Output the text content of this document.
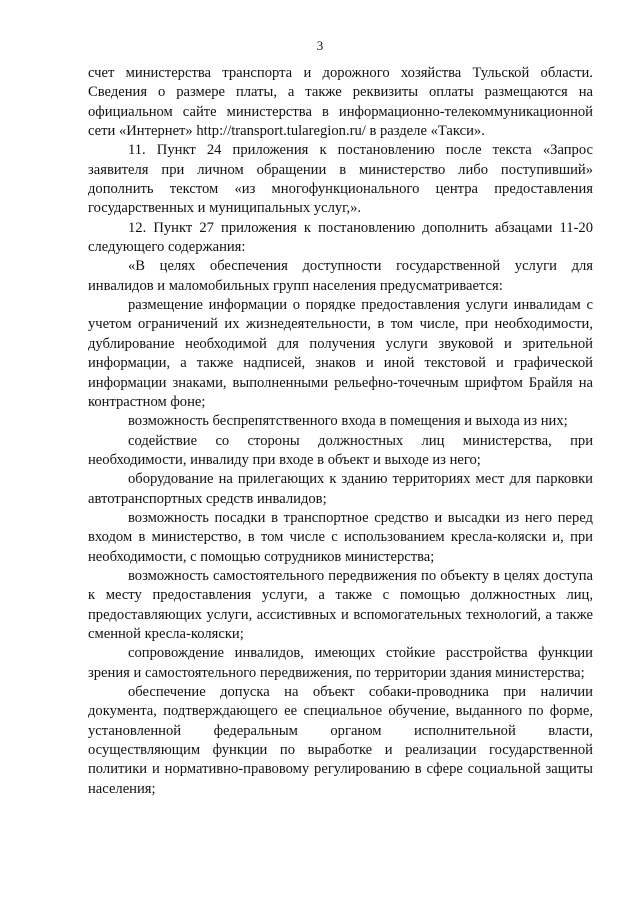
3

счет министерства транспорта и дорожного хозяйства Тульской области. Сведения о размере платы, а также реквизиты оплаты размещаются на официальном сайте министерства в информационно-телекоммуникационной сети «Интернет» http://transport.tularegion.ru/ в разделе «Такси».

11. Пункт 24 приложения к постановлению после текста «Запрос заявителя при личном обращении в министерство либо поступивший» дополнить текстом «из многофункционального центра предоставления государственных и муниципальных услуг,».

12. Пункт 27 приложения к постановлению дополнить абзацами 11-20 следующего содержания:

«В целях обеспечения доступности государственной услуги для инвалидов и маломобильных групп населения предусматривается:

размещение информации о порядке предоставления услуги инвалидам с учетом ограничений их жизнедеятельности, в том числе, при необходимости, дублирование необходимой для получения услуги звуковой и зрительной информации, а также надписей, знаков и иной текстовой и графической информации знаками, выполненными рельефно-точечным шрифтом Брайля на контрастном фоне;

возможность беспрепятственного входа в помещения и выхода из них;

содействие со стороны должностных лиц министерства, при необходимости, инвалиду при входе в объект и выходе из него;

оборудование на прилегающих к зданию территориях мест для парковки автотранспортных средств инвалидов;

возможность посадки в транспортное средство и высадки из него перед входом в министерство, в том числе с использованием кресла-коляски и, при необходимости, с помощью сотрудников министерства;

возможность самостоятельного передвижения по объекту в целях доступа к месту предоставления услуги, а также с помощью должностных лиц, предоставляющих услуги, ассистивных и вспомогательных технологий, а также сменной кресла-коляски;

сопровождение инвалидов, имеющих стойкие расстройства функции зрения и самостоятельного передвижения, по территории здания министерства;

обеспечение допуска на объект собаки-проводника при наличии документа, подтверждающего ее специальное обучение, выданного по форме, установленной федеральным органом исполнительной власти, осуществляющим функции по выработке и реализации государственной политики и нормативно-правовому регулированию в сфере социальной защиты населения;
